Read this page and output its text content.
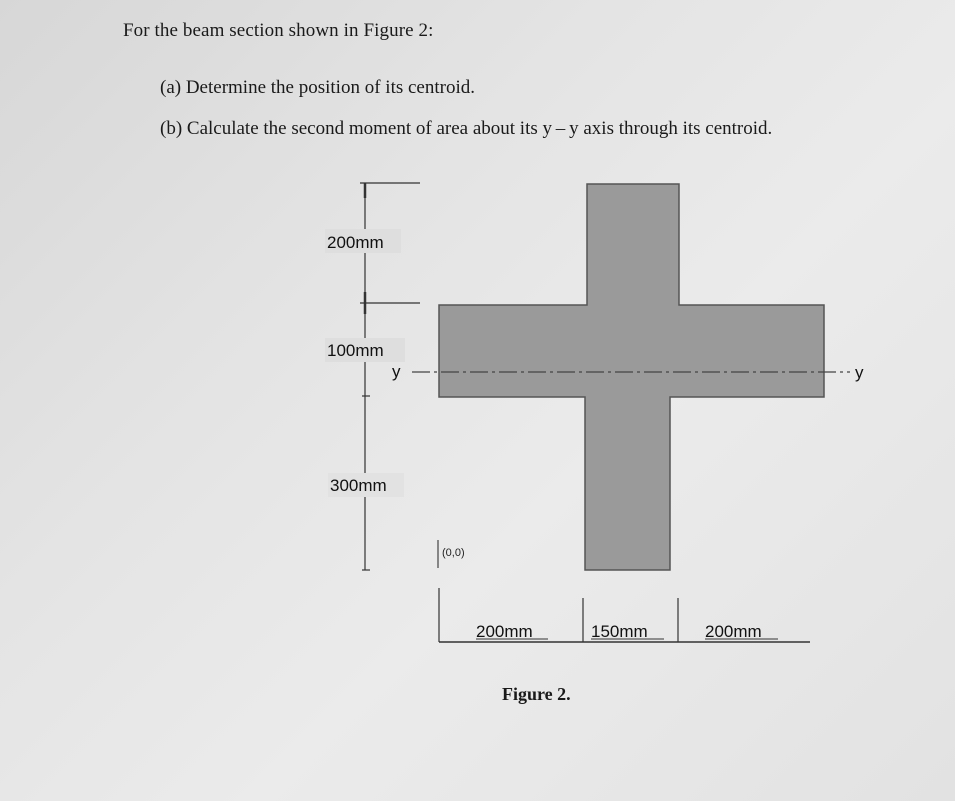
For the beam section shown in Figure 2:
(a) Determine the position of its centroid.
(b) Calculate the second moment of area about its y – y axis through its centroid.
200mm
100mm
300mm
y	y
(0,0)
200mm	150mm	200mm
Figure 2.
